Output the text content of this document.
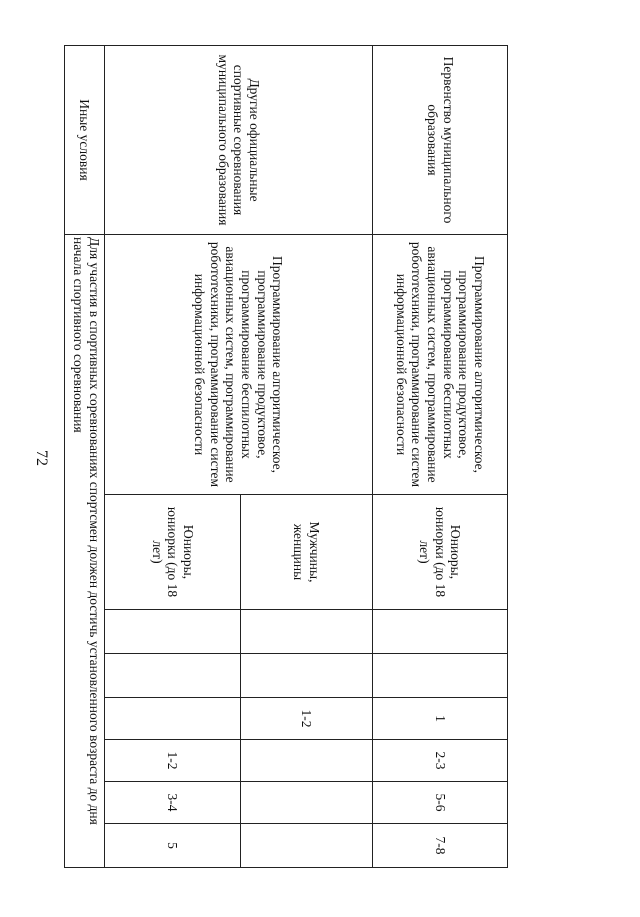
72
Первенство муниципального образования	Программирование алгоритмическое, программирование продуктовое, программирование беспилотных авиационных систем, программирование робототехники, программирование систем информационной безопасности	Юниоры, юниорки (до 18 лет)			1	2-3	5-6	7-8
Другие официальные спортивные соревнования муниципального образования	Программирование алгоритмическое, программирование продуктовое, программирование беспилотных авиационных систем, программирование робототехники, программирование систем информационной безопасности	Мужчины, женщины			1-2			
		Юниоры, юниорки (до 18 лет)				1-2	3-4	5
Иные условия	Для участия в спортивных соревнованиях спортсмен должен достичь установленного возраста до дня начала спортивного соревнования							
